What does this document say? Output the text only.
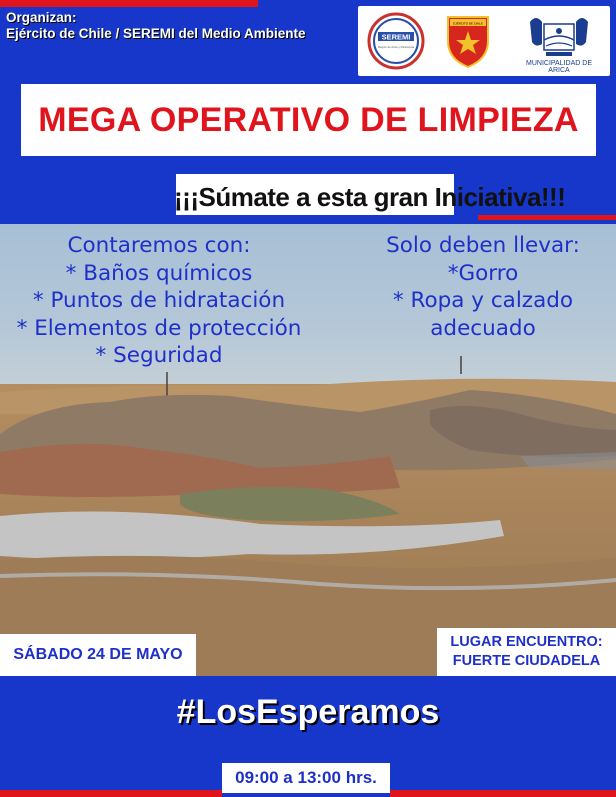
Organizan:
Ejército de Chile / SEREMI del Medio Ambiente	SEREMI
Región de Arica y Parinacota
EJÉRCITO DE CHILE
MUNICIPALIDAD DE ARICA
MEGA OPERATIVO DE LIMPIEZA
¡¡¡Súmate a esta gran Iniciativa!!!
Contaremos con:
* Baños químicos
* Puntos de hidratación
* Elementos de protección
* Seguridad
Solo deben llevar:
*Gorro
* Ropa y calzado
adecuado
SÁBADO 24 DE MAYO
LUGAR ENCUENTRO:
FUERTE CIUDADELA
#LosEsperamos
09:00 a 13:00 hrs.
